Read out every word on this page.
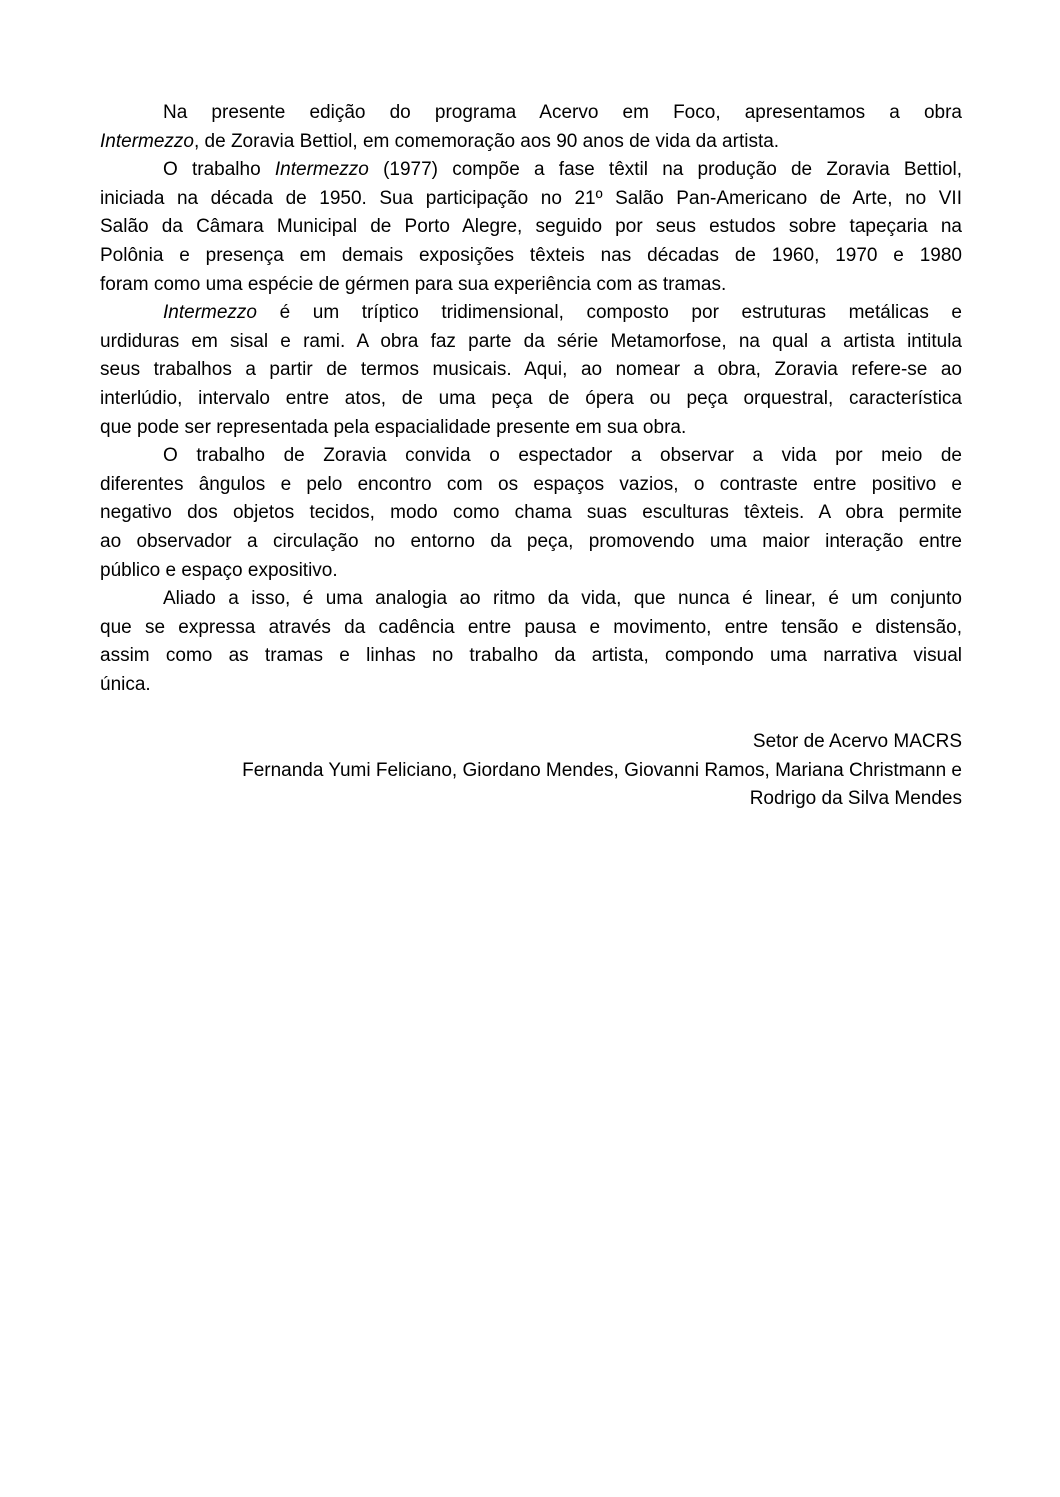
Na presente edição do programa Acervo em Foco, apresentamos a obra
Intermezzo, de Zoravia Bettiol, em comemoração aos 90 anos de vida da artista.
O trabalho Intermezzo (1977) compõe a fase têxtil na produção de Zoravia Bettiol,
iniciada na década de 1950. Sua participação no 21º Salão Pan-Americano de Arte, no VII
Salão da Câmara Municipal de Porto Alegre, seguido por seus estudos sobre tapeçaria na
Polônia e presença em demais exposições têxteis nas décadas de 1960, 1970 e 1980
foram como uma espécie de gérmen para sua experiência com as tramas.
Intermezzo é um tríptico tridimensional, composto por estruturas metálicas e
urdiduras em sisal e rami. A obra faz parte da série Metamorfose, na qual a artista intitula
seus trabalhos a partir de termos musicais. Aqui, ao nomear a obra, Zoravia refere-se ao
interlúdio, intervalo entre atos, de uma peça de ópera ou peça orquestral, característica
que pode ser representada pela espacialidade presente em sua obra.
O trabalho de Zoravia convida o espectador a observar a vida por meio de
diferentes ângulos e pelo encontro com os espaços vazios, o contraste entre positivo e
negativo dos objetos tecidos, modo como chama suas esculturas têxteis. A obra permite
ao observador a circulação no entorno da peça, promovendo uma maior interação entre
público e espaço expositivo.
Aliado a isso, é uma analogia ao ritmo da vida, que nunca é linear, é um conjunto
que se expressa através da cadência entre pausa e movimento, entre tensão e distensão,
assim como as tramas e linhas no trabalho da artista, compondo uma narrativa visual
única.
Setor de Acervo MACRS
Fernanda Yumi Feliciano, Giordano Mendes, Giovanni Ramos, Mariana Christmann e
Rodrigo da Silva Mendes
